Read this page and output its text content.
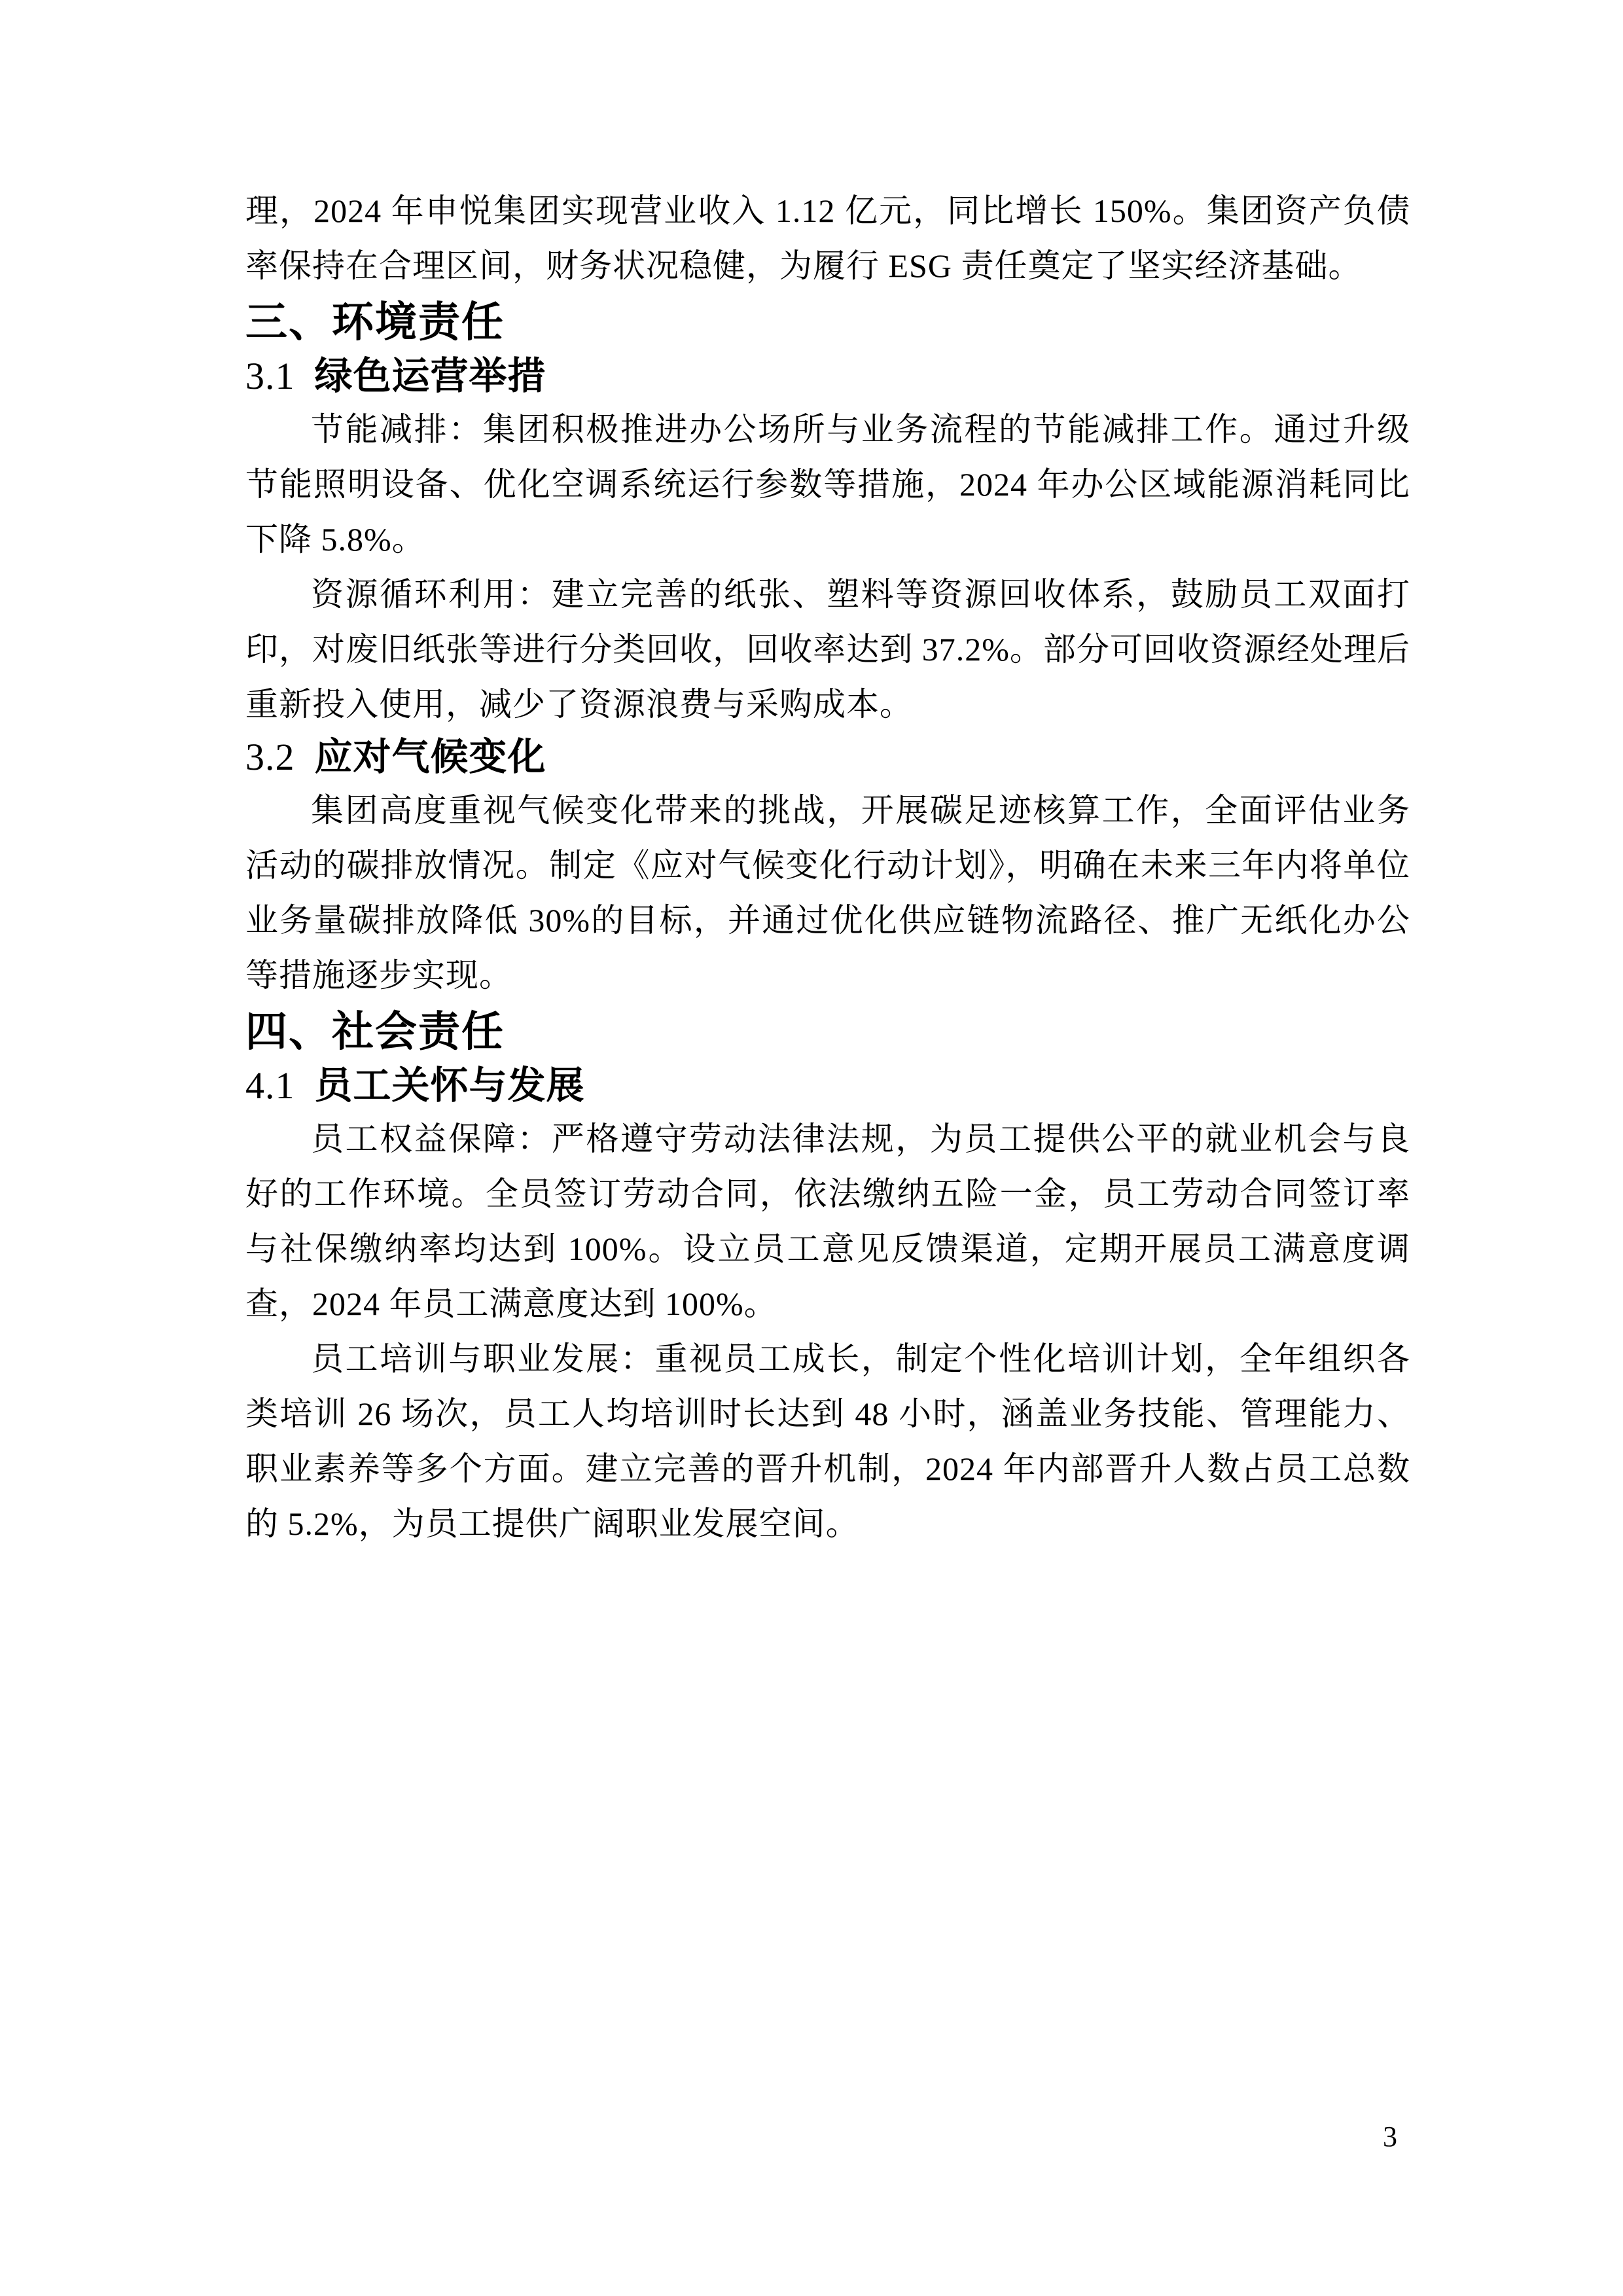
理，2024 年申悦集团实现营业收入 1.12 亿元，同比增长 150%。集团资产负债率保持在合理区间，财务状况稳健，为履行 ESG 责任奠定了坚实经济基础。

三、环境责任
3.1 绿色运营举措

节能减排：集团积极推进办公场所与业务流程的节能减排工作。通过升级节能照明设备、优化空调系统运行参数等措施，2024 年办公区域能源消耗同比下降 5.8%。

资源循环利用：建立完善的纸张、塑料等资源回收体系，鼓励员工双面打印，对废旧纸张等进行分类回收，回收率达到 37.2%。部分可回收资源经处理后重新投入使用，减少了资源浪费与采购成本。

3.2 应对气候变化

集团高度重视气候变化带来的挑战，开展碳足迹核算工作，全面评估业务活动的碳排放情况。制定《应对气候变化行动计划》，明确在未来三年内将单位业务量碳排放降低 30%的目标，并通过优化供应链物流路径、推广无纸化办公等措施逐步实现。

四、社会责任
4.1 员工关怀与发展

员工权益保障：严格遵守劳动法律法规，为员工提供公平的就业机会与良好的工作环境。全员签订劳动合同，依法缴纳五险一金，员工劳动合同签订率与社保缴纳率均达到 100%。设立员工意见反馈渠道，定期开展员工满意度调查，2024 年员工满意度达到 100%。

员工培训与职业发展：重视员工成长，制定个性化培训计划，全年组织各类培训 26 场次，员工人均培训时长达到 48 小时，涵盖业务技能、管理能力、职业素养等多个方面。建立完善的晋升机制，2024 年内部晋升人数占员工总数的 5.2%，为员工提供广阔职业发展空间。

3
